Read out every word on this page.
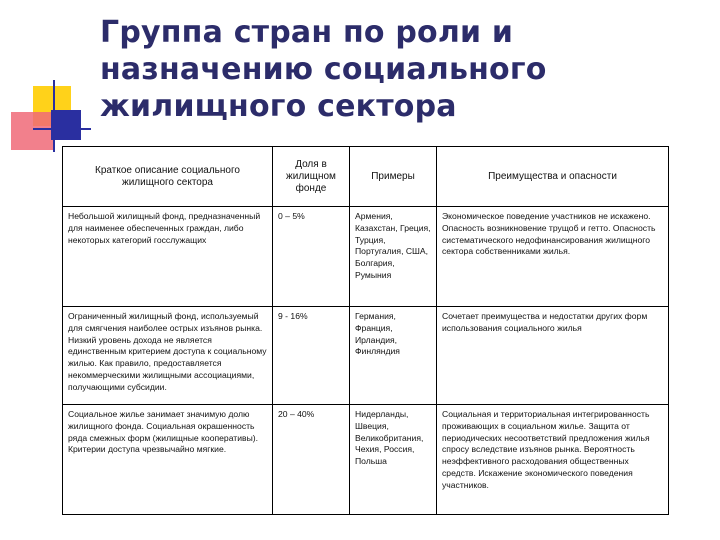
Группа стран по роли и
назначению социального
жилищного сектора
Краткое описание социального жилищного сектора	Доля в жилищном фонде	Примеры	Преимущества и опасности
Небольшой жилищный фонд, предназначенный для наименее обеспеченных граждан, либо некоторых категорий госслужащих	0 – 5%	Армения, Казахстан, Греция, Турция, Португалия, США, Болгария, Румыния	Экономическое поведение участников не искажено. Опасность возникновение трущоб и гетто. Опасность систематического недофинансирования жилищного сектора собственниками жилья.
Ограниченный жилищный фонд, используемый для смягчения наиболее острых изъянов рынка. Низкий уровень дохода не является единственным критерием доступа к социальному жилью. Как правило, предоставляется некоммерческими жилищными ассоциациями, получающими субсидии.	9 - 16%	Германия, Франция, Ирландия, Финляндия	Сочетает преимущества и недостатки других форм использования социального жилья
Социальное жилье занимает значимую долю жилищного фонда. Социальная окрашенность ряда смежных форм (жилищные кооперативы). Критерии доступа чрезвычайно мягкие.	20 – 40%	Нидерланды, Швеция, Великобритания, Чехия, Россия, Польша	Социальная и территориальная интегрированность проживающих в социальном жилье. Защита от периодических несоответствий предложения жилья спросу вследствие изъянов рынка. Вероятность неэффективного расходования общественных средств. Искажение экономического поведения участников.
